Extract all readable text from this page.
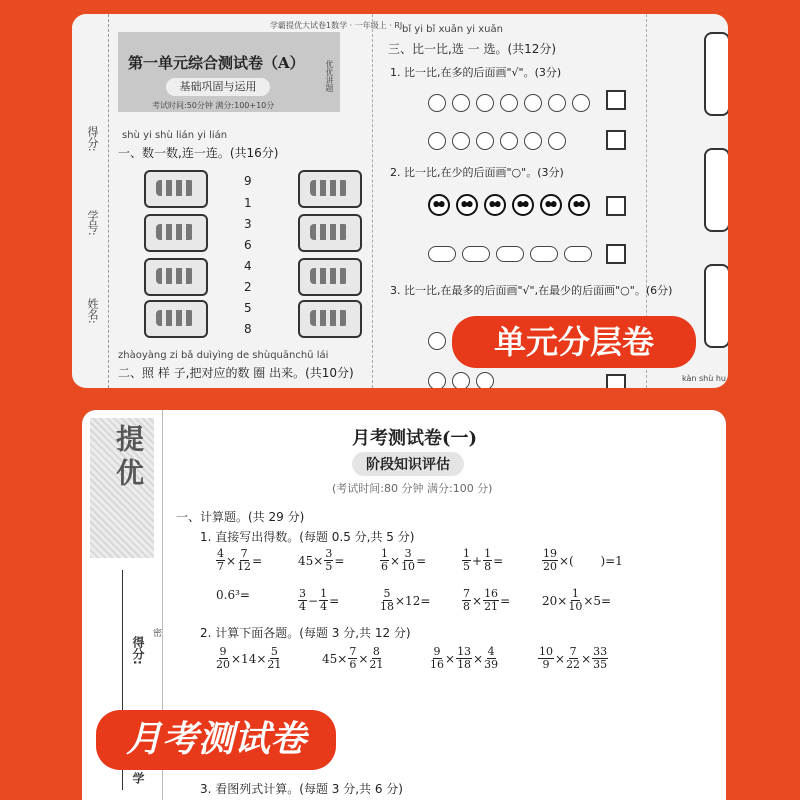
得分:
学号:
姓名:
学霸提优大试卷1数学 · 一年级上 · RJ
第一单元综合测试卷（A）
基础巩固与运用
考试时间:50分钟 满分:100+10分
优优讲题
shù yi shù lián yi lián
一、数一数,连一连。(共16分)
9
1
3
6
4
2
5
8
zhàoyàng zi bǎ duìyìng de shùquānchū lái
二、照 样 子,把对应的数 圈 出来。(共10分)
bǐ yi bǐ xuǎn yi xuǎn
三、比一比,选 一 选。(共12分)
1. 比一比,在多的后面画"√"。(3分)
2. 比一比,在少的后面画"○"。(3分)
3. 比一比,在最多的后面画"√",在最少的后面画"○"。(6分)
kàn shù hu
单元分层卷
提优
得分:
密
学
月考测试卷(一)
阶段知识评估
(考试时间:80 分钟 满分:100 分)
一、计算题。(共 29 分)
1. 直接写出得数。(每题 0.5 分,共 5 分)
$\frac{4}{7} \times \frac{7}{12}$ =	$45\times \frac{3}{5}$ =	$\frac{1}{6} \times \frac{3}{10}$ =	$\frac{1}{5} + \frac{1}{8}$ =	$\frac{19}{20}$ ×(       )=1
0.6³=	$\frac{3}{4} - \frac{1}{4}$ =	$\frac{5}{18} \times 12=$	$\frac{7}{8} \times \frac{16}{21}$ =	$20\times \frac{1}{10} \times 5=$
2. 计算下面各题。(每题 3 分,共 12 分)
$\frac{9}{20} \times 14\times \frac{5}{21}$	$45\times \frac{7}{6} \times \frac{8}{21}$	$\frac{9}{16} \times \frac{13}{18} \times \frac{4}{39}$	$\frac{10}{9} \times \frac{7}{22} \times \frac{33}{35}$
3. 看图列式计算。(每题 3 分,共 6 分)
月考测试卷
